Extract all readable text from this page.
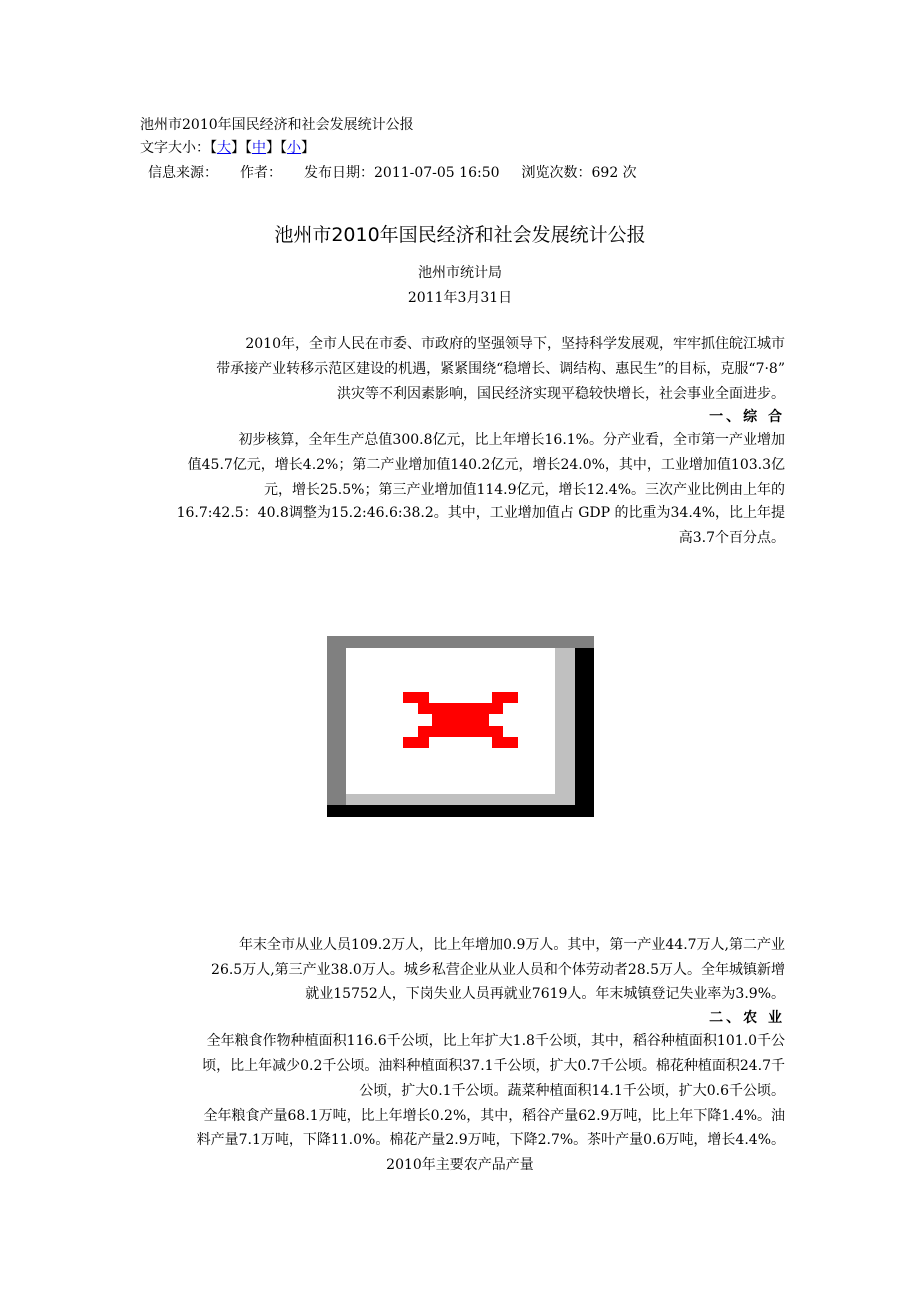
池州市2010年国民经济和社会发展统计公报
文字大小：【大】【中】【小】
信息来源： 作者： 发布日期：2011-07-05 16:50 浏览次数：692 次
池州市2010年国民经济和社会发展统计公报
池州市统计局
2011年3月31日
2010年，全市人民在市委、市政府的坚强领导下，坚持科学发展观，牢牢抓住皖江城市
带承接产业转移示范区建设的机遇，紧紧围绕“稳增长、调结构、惠民生”的目标，克服“7·8”
洪灾等不利因素影响，国民经济实现平稳较快增长，社会事业全面进步。
一、综 合
初步核算，全年生产总值300.8亿元，比上年增长16.1%。分产业看，全市第一产业增加
值45.7亿元，增长4.2%；第二产业增加值140.2亿元，增长24.0%，其中，工业增加值103.3亿
元，增长25.5%；第三产业增加值114.9亿元，增长12.4%。三次产业比例由上年的
16.7:42.5：40.8调整为15.2:46.6:38.2。其中，工业增加值占 GDP 的比重为34.4%，比上年提
高3.7个百分点。
年末全市从业人员109.2万人，比上年增加0.9万人。其中，第一产业44.7万人,第二产业
26.5万人,第三产业38.0万人。城乡私营企业从业人员和个体劳动者28.5万人。全年城镇新增
就业15752人，下岗失业人员再就业7619人。年末城镇登记失业率为3.9%。
二、农 业
全年粮食作物种植面积116.6千公顷，比上年扩大1.8千公顷，其中，稻谷种植面积101.0千公
顷，比上年减少0.2千公顷。油料种植面积37.1千公顷，扩大0.7千公顷。棉花种植面积24.7千
公顷，扩大0.1千公顷。蔬菜种植面积14.1千公顷，扩大0.6千公顷。
全年粮食产量68.1万吨，比上年增长0.2%，其中，稻谷产量62.9万吨，比上年下降1.4%。油
料产量7.1万吨，下降11.0%。棉花产量2.9万吨，下降2.7%。茶叶产量0.6万吨，增长4.4%。
2010年主要农产品产量
